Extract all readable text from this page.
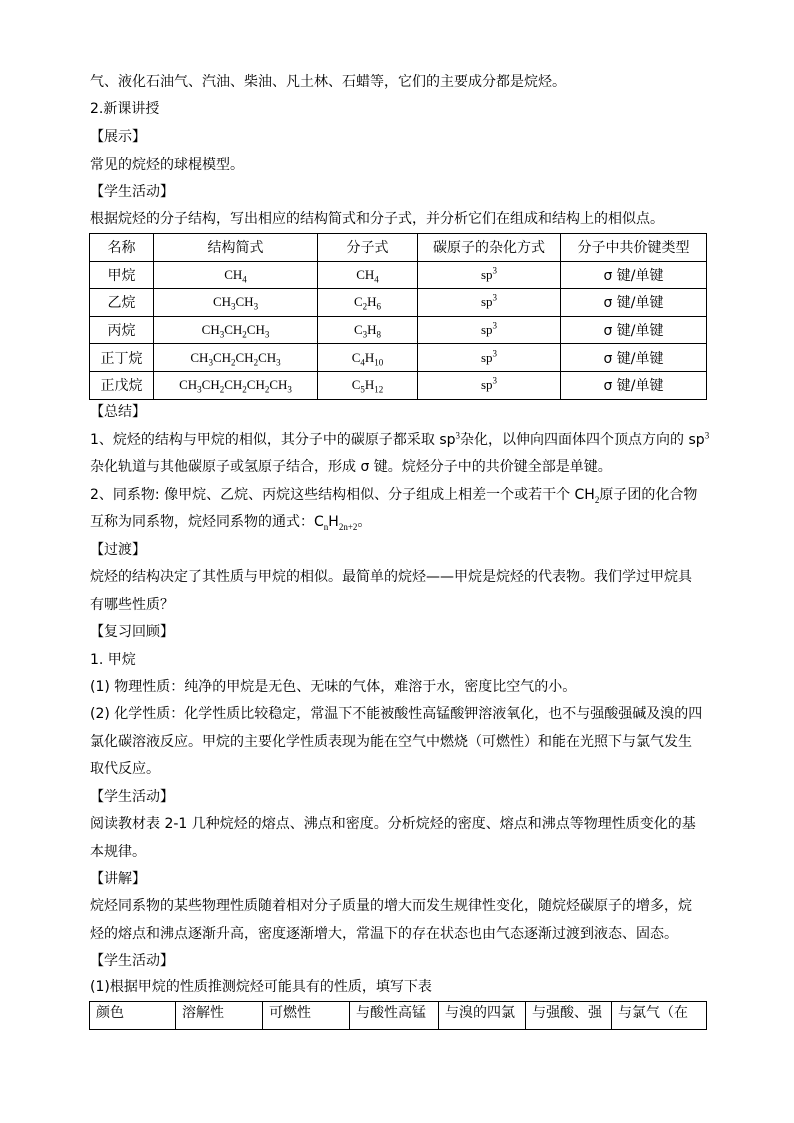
气、液化石油气、汽油、柴油、凡土林、石蜡等，它们的主要成分都是烷烃。
2.新课讲授
【展示】
常见的烷烃的球棍模型。
【学生活动】
根据烷烃的分子结构，写出相应的结构简式和分子式，并分析它们在组成和结构上的相似点。
名称	结构简式	分子式	碳原子的杂化方式	分子中共价键类型
甲烷	$CH_4$	$CH_4$	$sp^3$	σ 键/单键
乙烷	$CH_3CH_3$	$C_2H_6$	$sp^3$	σ 键/单键
丙烷	$CH_3CH_2CH_3$	$C_3H_8$	$sp^3$	σ 键/单键
正丁烷	$CH_3CH_2CH_2CH_3$	$C_4H_{10}$	$sp^3$	σ 键/单键
正戊烷	$CH_3CH_2CH_2CH_2CH_3$	$C_5H_{12}$	$sp^3$	σ 键/单键
【总结】
1、烷烃的结构与甲烷的相似，其分子中的碳原子都采取 $sp^3$杂化，以伸向四面体四个顶点方向的 $sp^3$
杂化轨道与其他碳原子或氢原子结合，形成 σ 键。烷烃分子中的共价键全部是单键。
2、同系物: 像甲烷、乙烷、丙烷这些结构相似、分子组成上相差一个或若干个 $CH_2$原子团的化合物
互称为同系物，烷烃同系物的通式：$C_nH_{2n+2}$。
【过渡】
烷烃的结构决定了其性质与甲烷的相似。最简单的烷烃——甲烷是烷烃的代表物。我们学过甲烷具
有哪些性质？
【复习回顾】
1. 甲烷
(1) 物理性质：纯净的甲烷是无色、无味的气体，难溶于水，密度比空气的小。
(2) 化学性质：化学性质比较稳定，常温下不能被酸性高锰酸钾溶液氧化，也不与强酸强碱及溴的四
氯化碳溶液反应。甲烷的主要化学性质表现为能在空气中燃烧（可燃性）和能在光照下与氯气发生
取代反应。
【学生活动】
阅读教材表 2-1 几种烷烃的熔点、沸点和密度。分析烷烃的密度、熔点和沸点等物理性质变化的基
本规律。
【讲解】
烷烃同系物的某些物理性质随着相对分子质量的增大而发生规律性变化，随烷烃碳原子的增多，烷
烃的熔点和沸点逐渐升高，密度逐渐增大，常温下的存在状态也由气态逐渐过渡到液态、固态。
【学生活动】
(1)根据甲烷的性质推测烷烃可能具有的性质，填写下表
颜色	溶解性	可燃性	与酸性高锰	与溴的四氯	与强酸、强	与氯气（在
